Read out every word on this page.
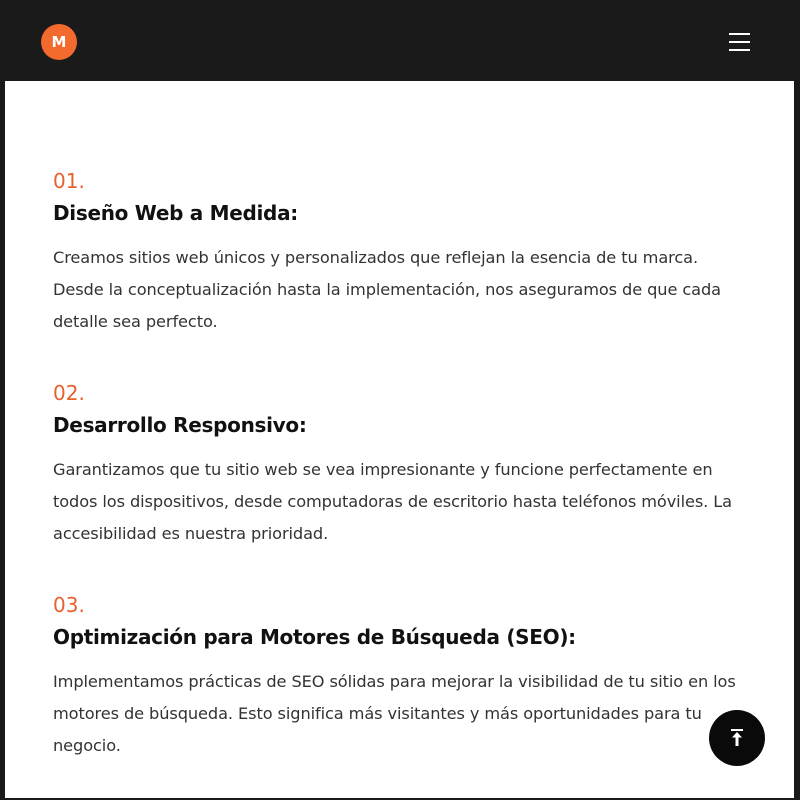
M

01.

Diseño Web a Medida:

Creamos sitios web únicos y personalizados que reflejan la esencia de tu marca. Desde la conceptualización hasta la implementación, nos aseguramos de que cada detalle sea perfecto.

02.

Desarrollo Responsivo:

Garantizamos que tu sitio web se vea impresionante y funcione perfectamente en todos los dispositivos, desde computadoras de escritorio hasta teléfonos móviles. La accesibilidad es nuestra prioridad.

03.

Optimización para Motores de Búsqueda (SEO):

Implementamos prácticas de SEO sólidas para mejorar la visibilidad de tu sitio en los motores de búsqueda. Esto significa más visitantes y más oportunidades para tu negocio.
